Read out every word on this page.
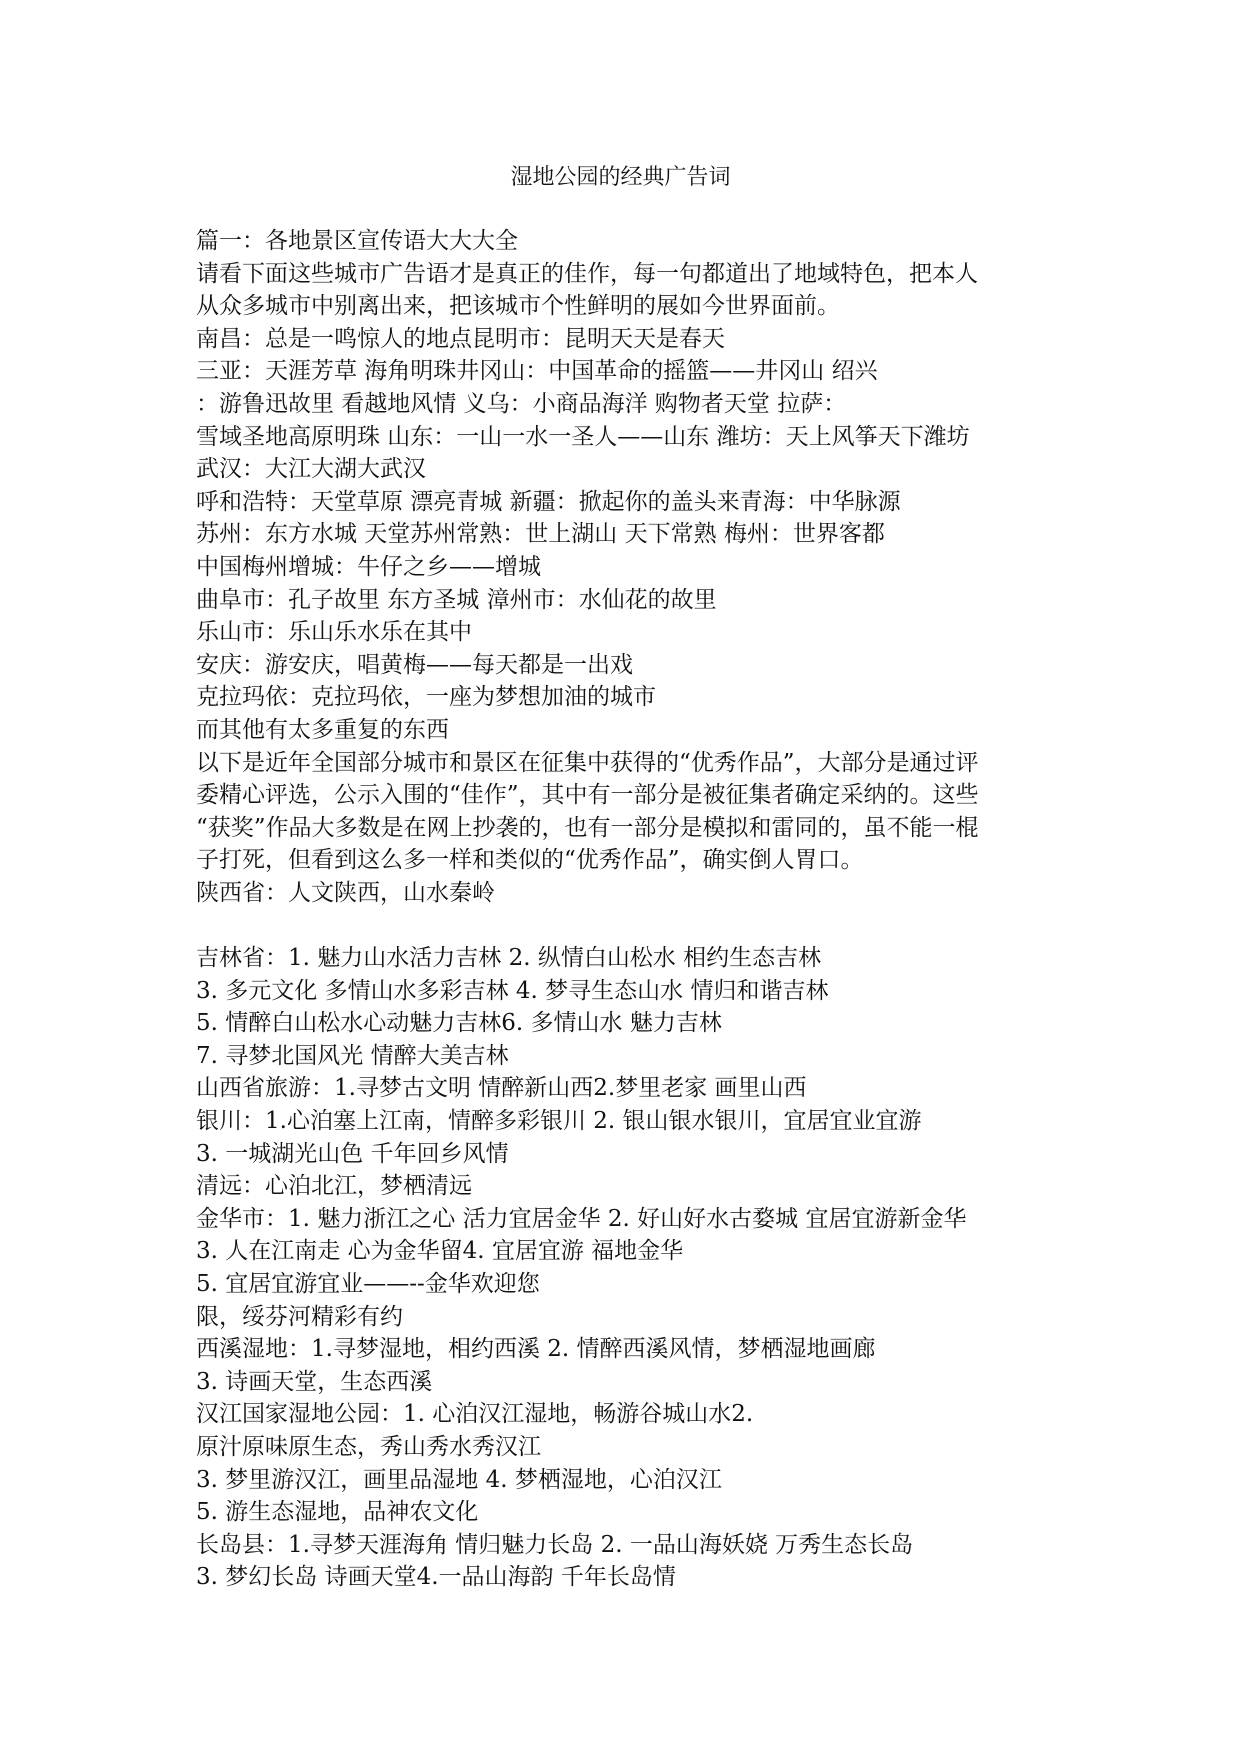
湿地公园的经典广告词
篇一：各地景区宣传语大大大全
请看下面这些城市广告语才是真正的佳作，每一句都道出了地域特色，把本人
从众多城市中别离出来，把该城市个性鲜明的展如今世界面前。
南昌：总是一鸣惊人的地点昆明市：昆明天天是春天
三亚：天涯芳草 海角明珠井冈山：中国革命的摇篮——井冈山 绍兴
：游鲁迅故里 看越地风情 义乌：小商品海洋 购物者天堂 拉萨：
雪域圣地高原明珠 山东：一山一水一圣人——山东 潍坊：天上风筝天下潍坊
武汉：大江大湖大武汉
呼和浩特：天堂草原 漂亮青城 新疆：掀起你的盖头来青海：中华脉源
苏州：东方水城 天堂苏州常熟：世上湖山 天下常熟 梅州：世界客都
中国梅州增城：牛仔之乡——增城
曲阜市：孔子故里 东方圣城 漳州市：水仙花的故里
乐山市：乐山乐水乐在其中
安庆：游安庆，唱黄梅——每天都是一出戏
克拉玛依：克拉玛依，一座为梦想加油的城市
而其他有太多重复的东西
以下是近年全国部分城市和景区在征集中获得的“优秀作品”，大部分是通过评
委精心评选，公示入围的“佳作”，其中有一部分是被征集者确定采纳的。这些
“获奖”作品大多数是在网上抄袭的，也有一部分是模拟和雷同的，虽不能一棍
子打死，但看到这么多一样和类似的“优秀作品”，确实倒人胃口。
陕西省：人文陕西，山水秦岭
吉林省：1. 魅力山水活力吉林 2. 纵情白山松水 相约生态吉林
3. 多元文化 多情山水多彩吉林 4. 梦寻生态山水 情归和谐吉林
5. 情醉白山松水心动魅力吉林6. 多情山水 魅力吉林
7. 寻梦北国风光 情醉大美吉林
山西省旅游：1.寻梦古文明 情醉新山西2.梦里老家 画里山西
银川：1.心泊塞上江南，情醉多彩银川 2. 银山银水银川，宜居宜业宜游
3. 一城湖光山色 千年回乡风情
清远：心泊北江，梦栖清远
金华市：1. 魅力浙江之心 活力宜居金华 2. 好山好水古婺城 宜居宜游新金华
3. 人在江南走 心为金华留4. 宜居宜游 福地金华
5. 宜居宜游宜业——--金华欢迎您
限，绥芬河精彩有约
西溪湿地：1.寻梦湿地，相约西溪 2. 情醉西溪风情，梦栖湿地画廊
3. 诗画天堂，生态西溪
汉江国家湿地公园：1. 心泊汉江湿地，畅游谷城山水2.
原汁原味原生态，秀山秀水秀汉江
3. 梦里游汉江，画里品湿地 4. 梦栖湿地，心泊汉江
5. 游生态湿地，品神农文化
长岛县：1.寻梦天涯海角 情归魅力长岛 2. 一品山海妖娆 万秀生态长岛
3. 梦幻长岛 诗画天堂4.一品山海韵 千年长岛情
